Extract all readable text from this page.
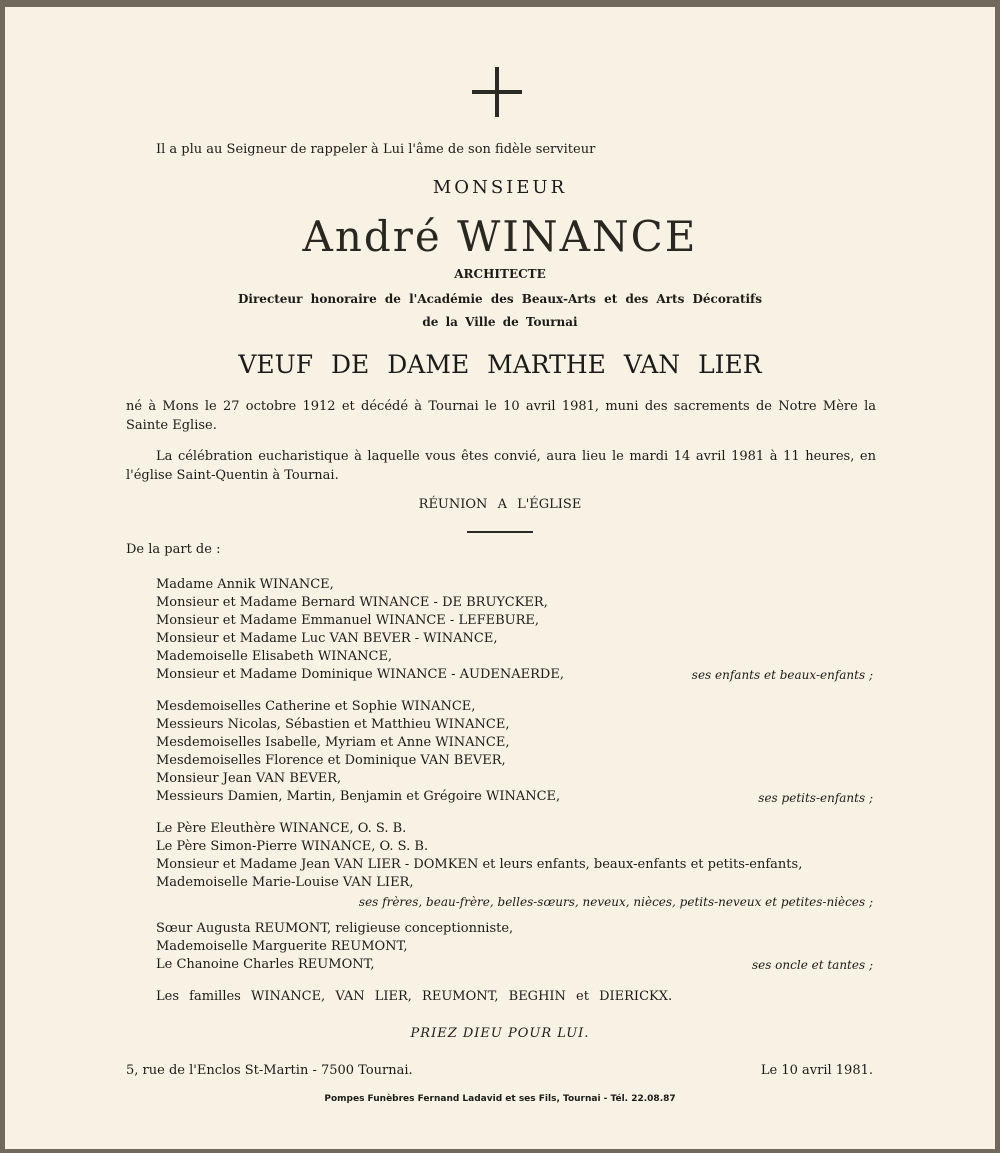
Il a plu au Seigneur de rappeler à Lui l'âme de son fidèle serviteur
MONSIEUR
André WINANCE
ARCHITECTE
Directeur honoraire de l'Académie des Beaux-Arts et des Arts Décoratifs
de la Ville de Tournai
VEUF DE DAME MARTHE VAN LIER
né à Mons le 27 octobre 1912 et décédé à Tournai le 10 avril 1981, muni des sacrements de Notre Mère la Sainte Eglise.
La célébration eucharistique à laquelle vous êtes convié, aura lieu le mardi 14 avril 1981 à 11 heures, en l'église Saint-Quentin à Tournai.
RÉUNION A L'ÉGLISE
De la part de :
Madame Annik WINANCE,
Monsieur et Madame Bernard WINANCE - DE BRUYCKER,
Monsieur et Madame Emmanuel WINANCE - LEFEBURE,
Monsieur et Madame Luc VAN BEVER - WINANCE,
Mademoiselle Elisabeth WINANCE,
Monsieur et Madame Dominique WINANCE - AUDENAERDE,	ses enfants et beaux-enfants ;
Mesdemoiselles Catherine et Sophie WINANCE,
Messieurs Nicolas, Sébastien et Matthieu WINANCE,
Mesdemoiselles Isabelle, Myriam et Anne WINANCE,
Mesdemoiselles Florence et Dominique VAN BEVER,
Monsieur Jean VAN BEVER,
Messieurs Damien, Martin, Benjamin et Grégoire WINANCE,	ses petits-enfants ;
Le Père Eleuthère WINANCE, O. S. B.
Le Père Simon-Pierre WINANCE, O. S. B.
Monsieur et Madame Jean VAN LIER - DOMKEN et leurs enfants, beaux-enfants et petits-enfants,
Mademoiselle Marie-Louise VAN LIER,
ses frères, beau-frère, belles-sœurs, neveux, nièces, petits-neveux et petites-nièces ;
Sœur Augusta REUMONT, religieuse conceptionniste,
Mademoiselle Marguerite REUMONT,
Le Chanoine Charles REUMONT,	ses oncle et tantes ;
Les familles WINANCE, VAN LIER, REUMONT, BEGHIN et DIERICKX.
PRIEZ DIEU POUR LUI.
5, rue de l'Enclos St-Martin - 7500 Tournai.	Le 10 avril 1981.
Pompes Funèbres Fernand Ladavid et ses Fils, Tournai - Tél. 22.08.87
